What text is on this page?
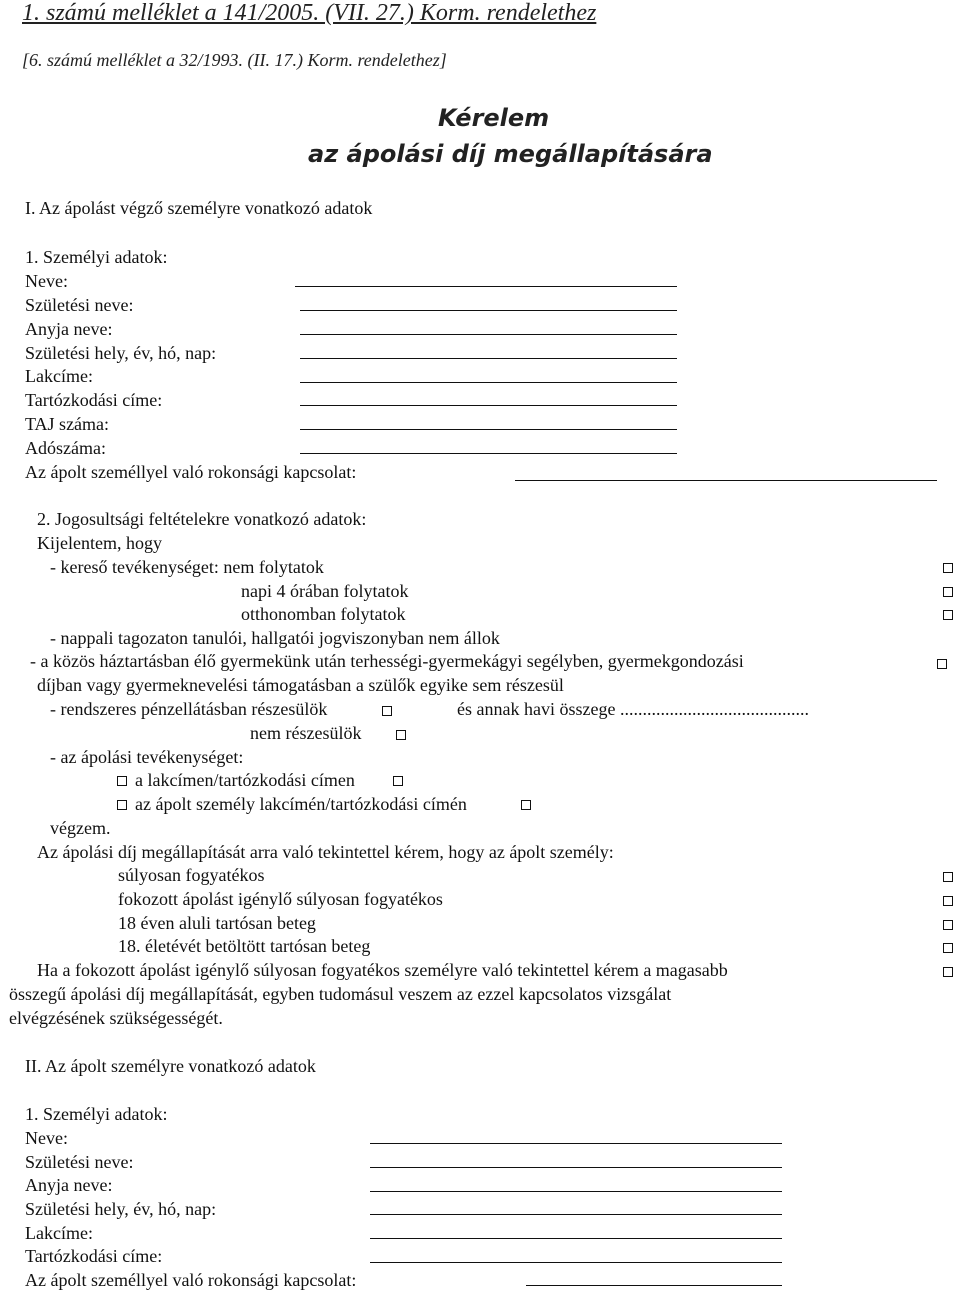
1. számú melléklet a 141/2005. (VII. 27.) Korm. rendelethez
[6. számú melléklet a 32/1993. (II. 17.) Korm. rendelethez]
Kérelem
az ápolási díj megállapítására
I. Az ápolást végző személyre vonatkozó adatok
1. Személyi adatok:
Neve:
Születési neve:
Anyja neve:
Születési hely, év, hó, nap:
Lakcíme:
Tartózkodási címe:
TAJ száma:
Adószáma:
Az ápolt személlyel való rokonsági kapcsolat:
2. Jogosultsági feltételekre vonatkozó adatok:
Kijelentem, hogy
- kereső tevékenységet: nem folytatok
napi 4 órában folytatok
otthonomban folytatok
- nappali tagozaton tanulói, hallgatói jogviszonyban nem állok
- a közös háztartásban élő gyermekünk után terhességi-gyermekágyi segélyben, gyermekgondozási
díjban vagy gyermeknevelési támogatásban a szülők egyike sem részesül
- rendszeres pénzellátásban részesülök	és annak havi összege ..........................................
nem részesülök
- az ápolási tevékenységet:
a lakcímen/tartózkodási címen
az ápolt személy lakcímén/tartózkodási címén
végzem.
Az ápolási díj megállapítását arra való tekintettel kérem, hogy az ápolt személy:
súlyosan fogyatékos
fokozott ápolást igénylő súlyosan fogyatékos
18 éven aluli tartósan beteg
18. életévét betöltött tartósan beteg
Ha a fokozott ápolást igénylő súlyosan fogyatékos személyre való tekintettel kérem a magasabb
összegű ápolási díj megállapítását, egyben tudomásul veszem az ezzel kapcsolatos vizsgálat
elvégzésének szükségességét.
II. Az ápolt személyre vonatkozó adatok
1. Személyi adatok:
Neve:
Születési neve:
Anyja neve:
Születési hely, év, hó, nap:
Lakcíme:
Tartózkodási címe:
Az ápolt személlyel való rokonsági kapcsolat:
